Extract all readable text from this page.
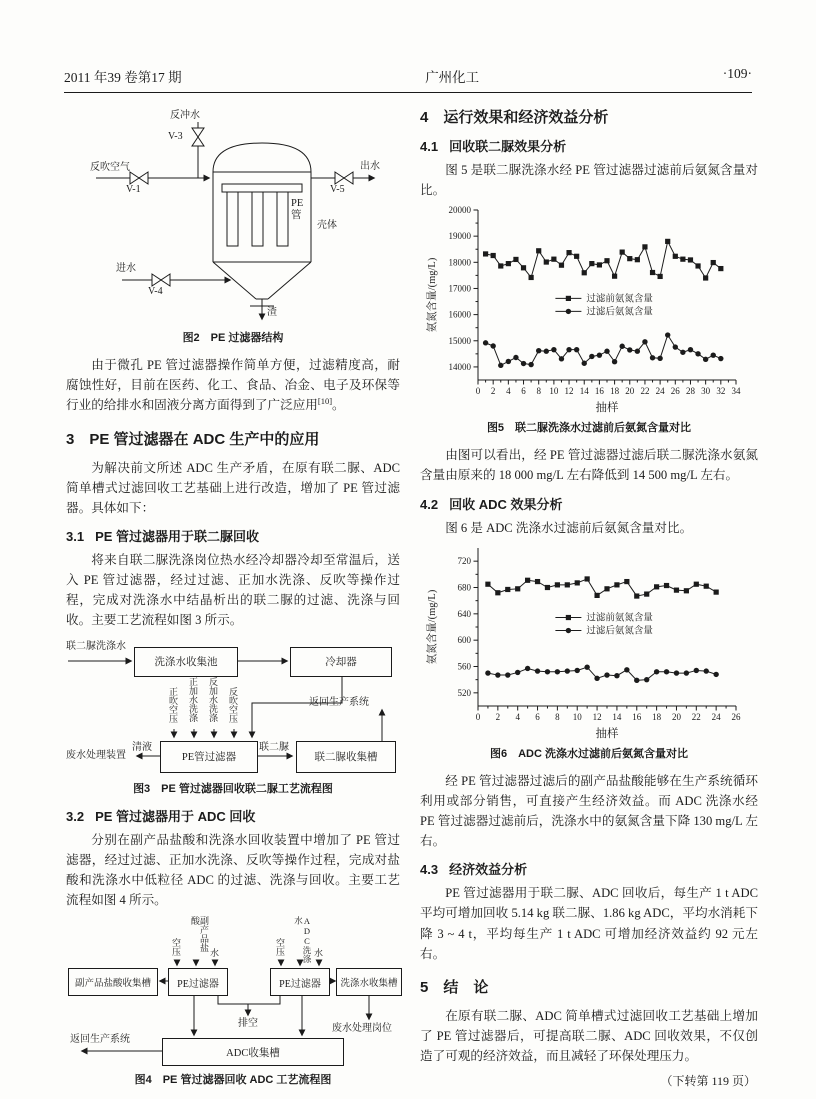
2011 年39 卷第17 期	广州化工	·109·
反冲水
V-3
反吹空气
V-1
出水
V-5
PE
管
壳体
进水
V-4
渣
图2　PE 过滤器结构

由于微孔 PE 管过滤器操作简单方便，过滤精度高，耐腐蚀性好，目前在医药、化工、食品、冶金、电子及环保等行业的给排水和固液分离方面得到了广泛应用[10]。

3 PE 管过滤器在 ADC 生产中的应用

为解决前文所述 ADC 生产矛盾，在原有联二脲、ADC 简单槽式过滤回收工艺基础上进行改造，增加了 PE 管过滤器。具体如下：

3.1 PE 管过滤器用于联二脲回收

将来自联二脲洗涤岗位热水经冷却器冷却至常温后，送入 PE 管过滤器，经过过滤、正加水洗涤、反吹等操作过程，完成对洗涤水中结晶析出的联二脲的过滤、洗涤与回收。主要工艺流程如图 3 所示。

洗涤水收集池	冷却器
PE管过滤器	联二脲收集槽
联二脲洗涤水
正吹空压 正加水洗涤 反加水洗涤 反吹空压	返回生产系统
清液
废水处理装置
联二脲
图3　PE 管过滤器回收联二脲工艺流程图
3.2 PE 管过滤器用于 ADC 回收

分别在副产品盐酸和洗涤水回收装置中增加了 PE 管过滤器，经过过滤、正加水洗涤、反吹等操作过程，完成对盐酸和洗涤水中低粒径 ADC 的过滤、洗涤与回收。主要工艺流程如图 4 所示。

副产品盐酸收集槽	PE过滤器	PE过滤器	洗涤水收集槽
ADC收集槽
空压	副产品盐酸
水	空压	ADC洗涤水
水
排空	废水处理岗位
返回生产系统
图4　PE 管过滤器回收 ADC 工艺流程图
4 运行效果和经济效益分析
4.1 回收联二脲效果分析

图 5 是联二脲洗涤水经 PE 管过滤器过滤前后氨氮含量对比。

0 2 4 6 8 10 12 14 16 18 20 22 24 26 28 30 32 34
14000
15000
16000
17000
18000
19000
20000
抽样
氨氮含量/(mg/L)	过滤前氨氮含量
过滤后氨氮含量
图5　联二脲洗涤水过滤前后氨氮含量对比

由图可以看出，经 PE 管过滤器过滤后联二脲洗涤水氨氮含量由原来的 18 000 mg/L 左右降低到 14 500 mg/L 左右。

4.2 回收 ADC 效果分析

图 6 是 ADC 洗涤水过滤前后氨氮含量对比。

0 2 4 6 8 10 12 14 16 18 20 22 24 26
520
560
600
640
680
720
抽样
氨氮含量/(mg/L)	过滤前氨氮含量
过滤后氨氮含量
图6　ADC 洗涤水过滤前后氨氮含量对比

经 PE 管过滤器过滤后的副产品盐酸能够在生产系统循环利用或部分销售，可直接产生经济效益。而 ADC 洗涤水经 PE 管过滤器过滤前后，洗涤水中的氨氮含量下降 130 mg/L 左右。

4.3 经济效益分析

PE 管过滤器用于联二脲、ADC 回收后，每生产 1 t ADC 平均可增加回收 5.14 kg 联二脲、1.86 kg ADC，平均水消耗下降 3 ~ 4 t，平均每生产 1 t ADC 可增加经济效益约 92 元左右。

5 结　论

在原有联二脲、ADC 简单槽式过滤回收工艺基础上增加了 PE 管过滤器后，可提高联二脲、ADC 回收效果，不仅创造了可观的经济效益，而且减轻了环保处理压力。

（下转第 119 页）
